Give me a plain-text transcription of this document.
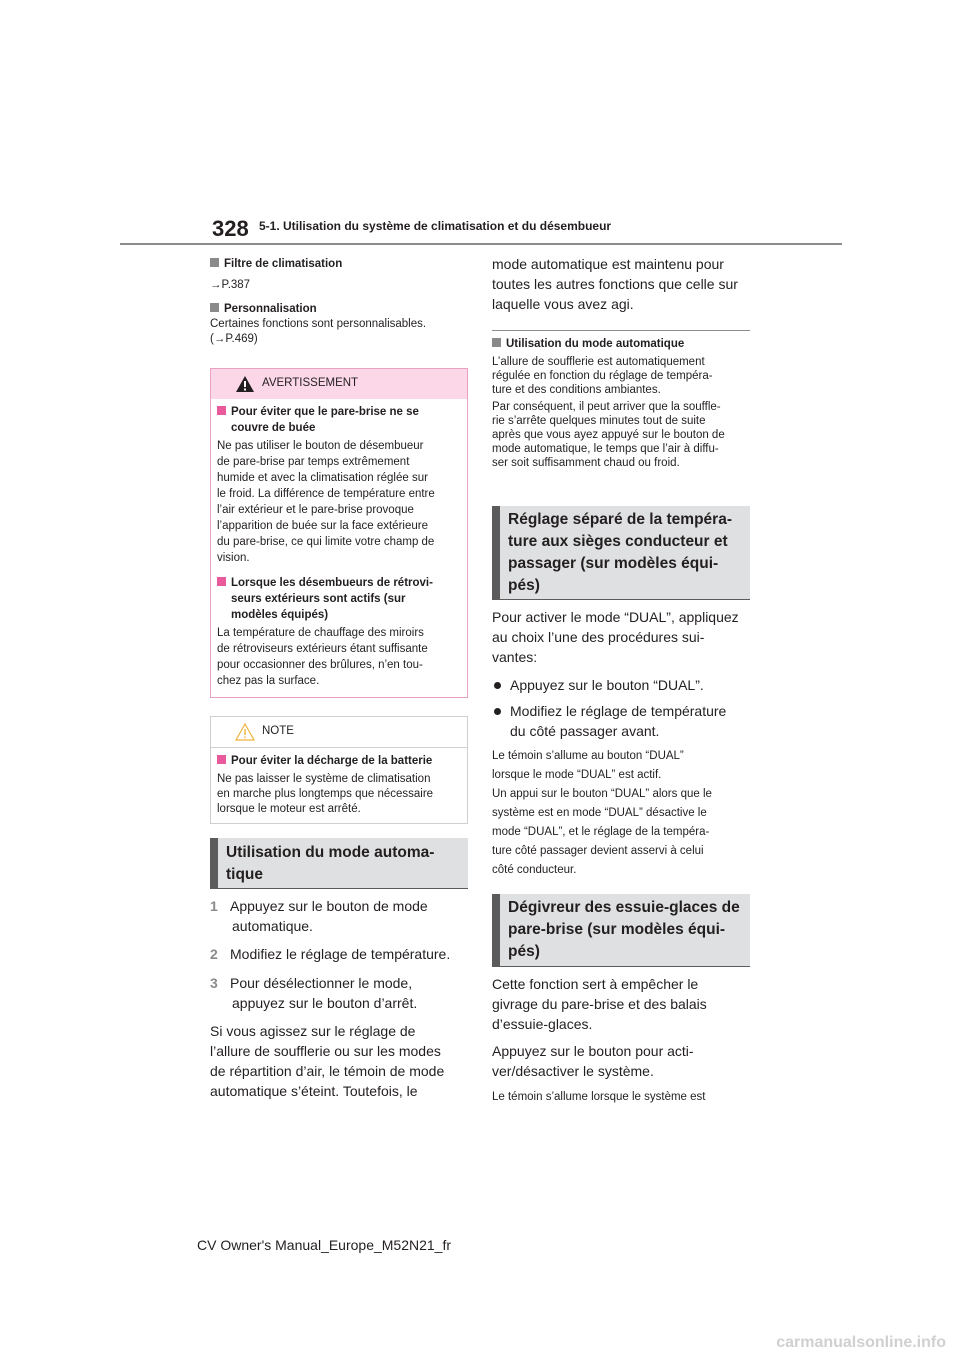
328 5-1. Utilisation du système de climatisation et du désembueur
Filtre de climatisation
→P.387
Personnalisation
Certaines fonctions sont personnalisables.
(→P.469)
AVERTISSEMENT
Pour éviter que le pare-brise ne se
couvre de buée
Ne pas utiliser le bouton de désembueur
de pare-brise par temps extrêmement
humide et avec la climatisation réglée sur
le froid. La différence de température entre
l’air extérieur et le pare-brise provoque
l’apparition de buée sur la face extérieure
du pare-brise, ce qui limite votre champ de
vision.
Lorsque les désembueurs de rétrovi-
seurs extérieurs sont actifs (sur
modèles équipés)
La température de chauffage des miroirs
de rétroviseurs extérieurs étant suffisante
pour occasionner des brûlures, n’en tou-
chez pas la surface.
NOTE
Pour éviter la décharge de la batterie
Ne pas laisser le système de climatisation
en marche plus longtemps que nécessaire
lorsque le moteur est arrêté.
Utilisation du mode automa-
tique
1 Appuyez sur le bouton de mode
automatique.
2 Modifiez le réglage de température.
3 Pour désélectionner le mode,
appuyez sur le bouton d’arrêt.
Si vous agissez sur le réglage de
l’allure de soufflerie ou sur les modes
de répartition d’air, le témoin de mode
automatique s’éteint. Toutefois, le
mode automatique est maintenu pour
toutes les autres fonctions que celle sur
laquelle vous avez agi.
Utilisation du mode automatique
L’allure de soufflerie est automatiquement
régulée en fonction du réglage de tempéra-
ture et des conditions ambiantes.
Par conséquent, il peut arriver que la souffle-
rie s’arrête quelques minutes tout de suite
après que vous ayez appuyé sur le bouton de
mode automatique, le temps que l’air à diffu-
ser soit suffisamment chaud ou froid.
Réglage séparé de la tempéra-
ture aux sièges conducteur et
passager (sur modèles équi-
pés)
Pour activer le mode “DUAL”, appliquez
au choix l’une des procédures sui-
vantes:
Appuyez sur le bouton “DUAL”.
Modifiez le réglage de température
du côté passager avant.
Le témoin s’allume au bouton “DUAL”
lorsque le mode “DUAL” est actif.
Un appui sur le bouton “DUAL” alors que le
système est en mode “DUAL” désactive le
mode “DUAL”, et le réglage de la tempéra-
ture côté passager devient asservi à celui
côté conducteur.
Dégivreur des essuie-glaces de
pare-brise (sur modèles équi-
pés)
Cette fonction sert à empêcher le
givrage du pare-brise et des balais
d’essuie-glaces.
Appuyez sur le bouton pour acti-
ver/désactiver le système.
Le témoin s’allume lorsque le système est
CV Owner's Manual_Europe_M52N21_fr
carmanualsonline.info
